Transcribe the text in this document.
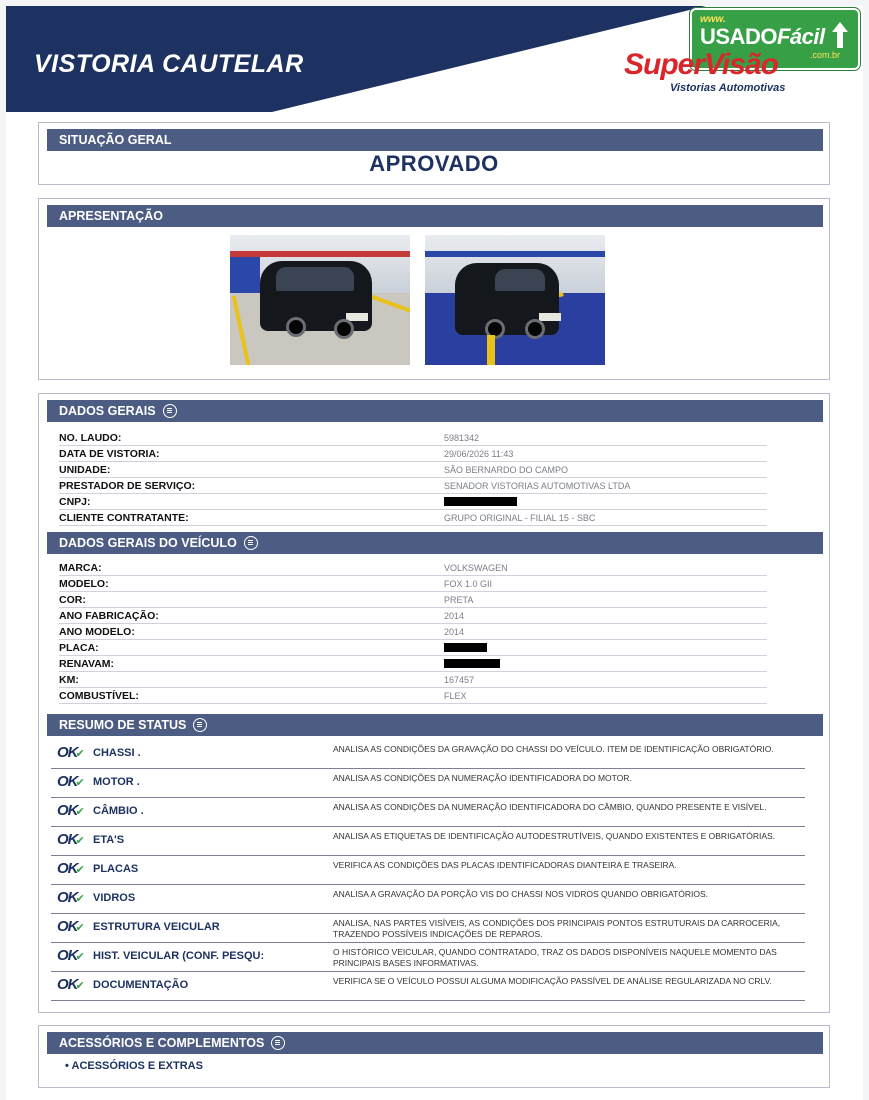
VISTORIA CAUTELAR
www.
USADOFácil
.com.br
SuperVisão
Vistorias Automotivas
SITUAÇÃO GERAL
APROVADO
APRESENTAÇÃO
DADOS GERAIS
NO. LAUDO:	5981342
DATA DE VISTORIA:	29/06/2026 11:43
UNIDADE:	SÃO BERNARDO DO CAMPO
PRESTADOR DE SERVIÇO:	SENADOR VISTORIAS AUTOMOTIVAS LTDA
CNPJ:
CLIENTE CONTRATANTE:	GRUPO ORIGINAL - FILIAL 15 - SBC
DADOS GERAIS DO VEÍCULO
MARCA:	VOLKSWAGEN
MODELO:	FOX 1.0 GII
COR:	PRETA
ANO FABRICAÇÃO:	2014
ANO MODELO:	2014
PLACA:
RENAVAM:
KM:	167457
COMBUSTÍVEL:	FLEX
RESUMO DE STATUS
OK✔ CHASSI .	ANALISA AS CONDIÇÕES DA GRAVAÇÃO DO CHASSI DO VEÍCULO. ITEM DE IDENTIFICAÇÃO OBRIGATÓRIO.
OK✔ MOTOR .	ANALISA AS CONDIÇÕES DA NUMERAÇÃO IDENTIFICADORA DO MOTOR.
OK✔ CÂMBIO .	ANALISA AS CONDIÇÕES DA NUMERAÇÃO IDENTIFICADORA DO CÂMBIO, QUANDO PRESENTE E VISÍVEL.
OK✔ ETA'S	ANALISA AS ETIQUETAS DE IDENTIFICAÇÃO AUTODESTRUTÍVEIS, QUANDO EXISTENTES E OBRIGATÓRIAS.
OK✔ PLACAS	VERIFICA AS CONDIÇÕES DAS PLACAS IDENTIFICADORAS DIANTEIRA E TRASEIRA.
OK✔ VIDROS	ANALISA A GRAVAÇÃO DA PORÇÃO VIS DO CHASSI NOS VIDROS QUANDO OBRIGATÓRIOS.
OK✔ ESTRUTURA VEICULAR	ANALISA, NAS PARTES VISÍVEIS, AS CONDIÇÕES DOS PRINCIPAIS PONTOS ESTRUTURAIS DA CARROCERIA, TRAZENDO POSSÍVEIS INDICAÇÕES DE REPAROS.
OK✔ HIST. VEICULAR (CONF. PESQU:	O HISTÓRICO VEICULAR, QUANDO CONTRATADO, TRAZ OS DADOS DISPONÍVEIS NAQUELE MOMENTO DAS PRINCIPAIS BASES INFORMATIVAS.
OK✔ DOCUMENTAÇÃO	VERIFICA SE O VEÍCULO POSSUI ALGUMA MODIFICAÇÃO PASSÍVEL DE ANÁLISE REGULARIZADA NO CRLV.
ACESSÓRIOS E COMPLEMENTOS
• ACESSÓRIOS E EXTRAS
